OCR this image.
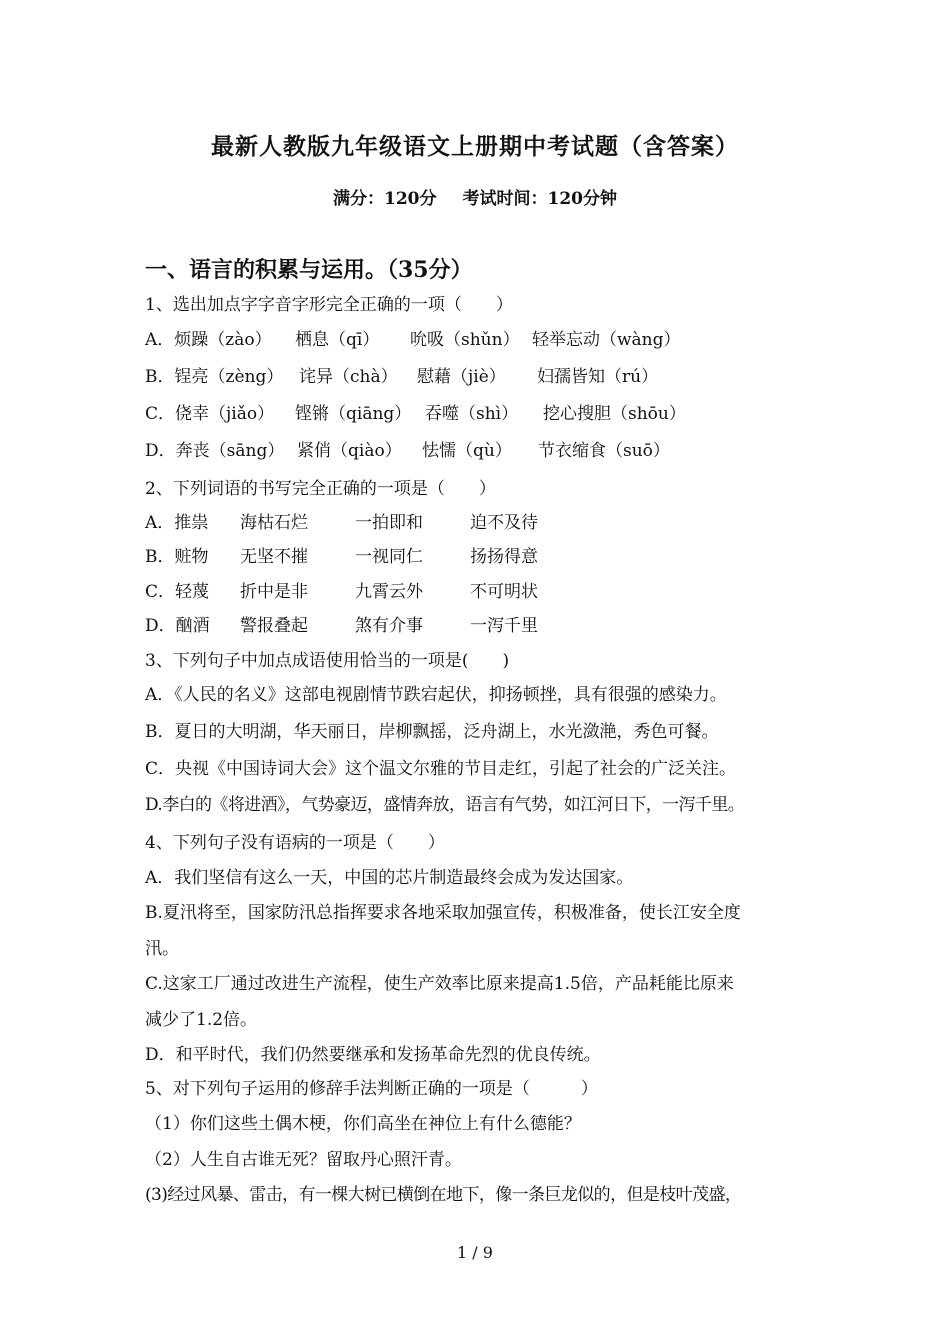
最新人教版九年级语文上册期中考试题（含答案）
满分：120分 考试时间：120分钟
一、语言的积累与运用。（35分）
1、选出加点字字音字形完全正确的一项（　　）
A．烦躁（zào） 栖息（qī） 吮吸（shǔn） 轻举忘动（wàng）
B．锃亮（zèng） 诧异（chà） 慰藉（jiè） 妇孺皆知（rú）
C．侥幸（jiǎo） 铿锵（qiāng） 吞噬（shì） 挖心搜胆（shōu）
D．奔丧（sāng） 紧俏（qiào） 怯懦（qù） 节衣缩食（suō）
2、下列词语的书写完全正确的一项是（　　）
A．推祟 海枯石烂	一拍即和	迫不及待
B．赃物 无坚不摧	一视同仁	扬扬得意
C．轻蔑 折中是非	九霄云外	不可明状
D．酗酒 警报叠起	煞有介事	一泻千里
3、下列句子中加点成语使用恰当的一项是(　　)
A．《人民的名义》这部电视剧情节跌宕起伏，抑扬顿挫，具有很强的感染力。
B．夏日的大明湖，华天丽日，岸柳飘摇，泛舟湖上，水光潋滟，秀色可餐。
C．央视《中国诗词大会》这个温文尔雅的节目走红，引起了社会的广泛关注。
D.李白的《将进酒》，气势豪迈，盛情奔放，语言有气势，如江河日下，一泻千里。
4、下列句子没有语病的一项是（　　）
A．我们坚信有这么一天，中国的芯片制造最终会成为发达国家。
B.夏汛将至，国家防汛总指挥要求各地采取加强宣传，积极准备，使长江安全度
汛。
C.这家工厂通过改进生产流程，使生产效率比原来提高1.5倍，产品耗能比原来
减少了1.2倍。
D．和平时代，我们仍然要继承和发扬革命先烈的优良传统。
5、对下列句子运用的修辞手法判断正确的一项是（　　　）
（1）你们这些土偶木梗，你们高坐在神位上有什么德能？
（2）人生自古谁无死？留取丹心照汗青。
(3)经过风暴、雷击，有一棵大树已横倒在地下，像一条巨龙似的，但是枝叶茂盛，
1 / 9
